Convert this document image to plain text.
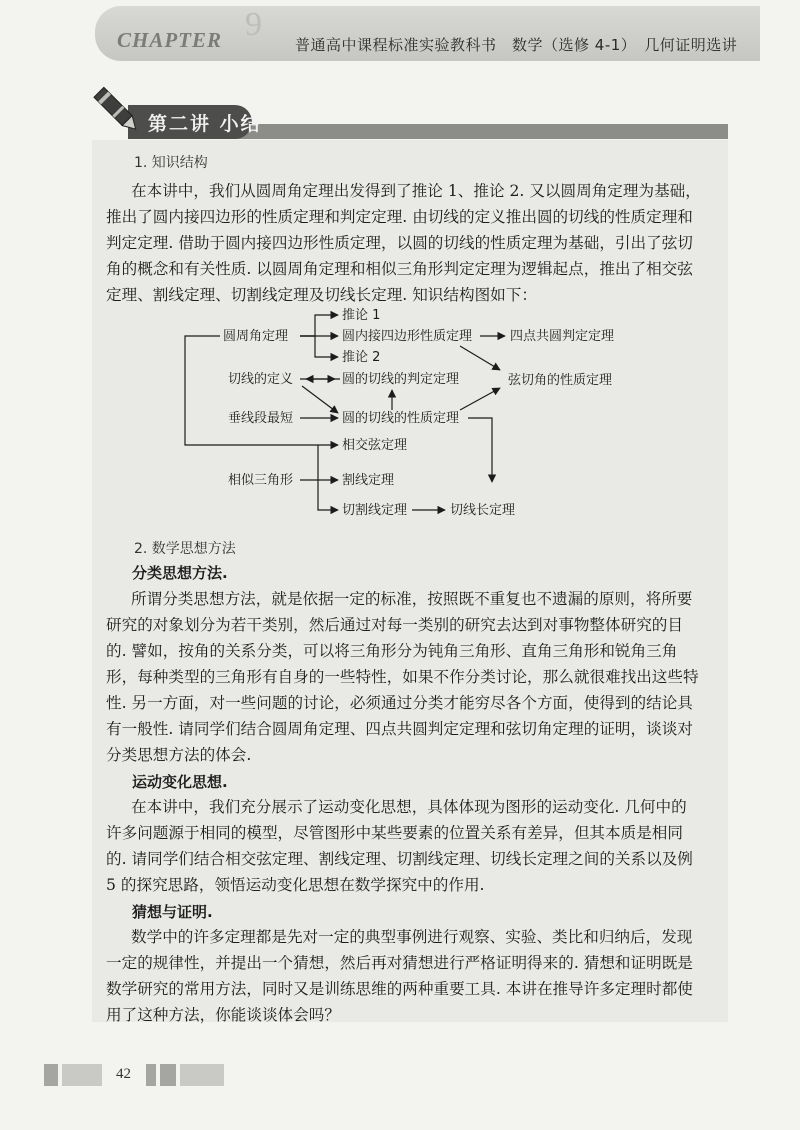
9
CHAPTER	普通高中课程标准实验教科书　数学（选修 4-1）　几何证明选讲
第二讲 小结
1. 知识结构
在本讲中，我们从圆周角定理出发得到了推论 1、推论 2. 又以圆周角定理为基础，
推出了圆内接四边形的性质定理和判定定理. 由切线的定义推出圆的切线的性质定理和
判定定理. 借助于圆内接四边形性质定理，以圆的切线的性质定理为基础，引出了弦切
角的概念和有关性质. 以圆周角定理和相似三角形判定定理为逻辑起点，推出了相交弦
定理、割线定理、切割线定理及切线长定理. 知识结构图如下：
推论 1
圆周角定理	圆内接四边形性质定理	四点共圆判定定理
推论 2
切线的定义	圆的切线的判定定理	弦切角的性质定理
垂线段最短	圆的切线的性质定理
相交弦定理
相似三角形	割线定理
切割线定理	切线长定理
2. 数学思想方法
分类思想方法.
所谓分类思想方法，就是依据一定的标准，按照既不重复也不遗漏的原则，将所要
研究的对象划分为若干类别，然后通过对每一类别的研究去达到对事物整体研究的目
的. 譬如，按角的关系分类，可以将三角形分为钝角三角形、直角三角形和锐角三角
形，每种类型的三角形有自身的一些特性，如果不作分类讨论，那么就很难找出这些特
性. 另一方面，对一些问题的讨论，必须通过分类才能穷尽各个方面，使得到的结论具
有一般性. 请同学们结合圆周角定理、四点共圆判定定理和弦切角定理的证明，谈谈对
分类思想方法的体会.
运动变化思想.
在本讲中，我们充分展示了运动变化思想，具体体现为图形的运动变化. 几何中的
许多问题源于相同的模型，尽管图形中某些要素的位置关系有差异，但其本质是相同
的. 请同学们结合相交弦定理、割线定理、切割线定理、切线长定理之间的关系以及例
5 的探究思路，领悟运动变化思想在数学探究中的作用.
猜想与证明.
数学中的许多定理都是先对一定的典型事例进行观察、实验、类比和归纳后，发现
一定的规律性，并提出一个猜想，然后再对猜想进行严格证明得来的. 猜想和证明既是
数学研究的常用方法，同时又是训练思维的两种重要工具. 本讲在推导许多定理时都使
用了这种方法，你能谈谈体会吗？
42
